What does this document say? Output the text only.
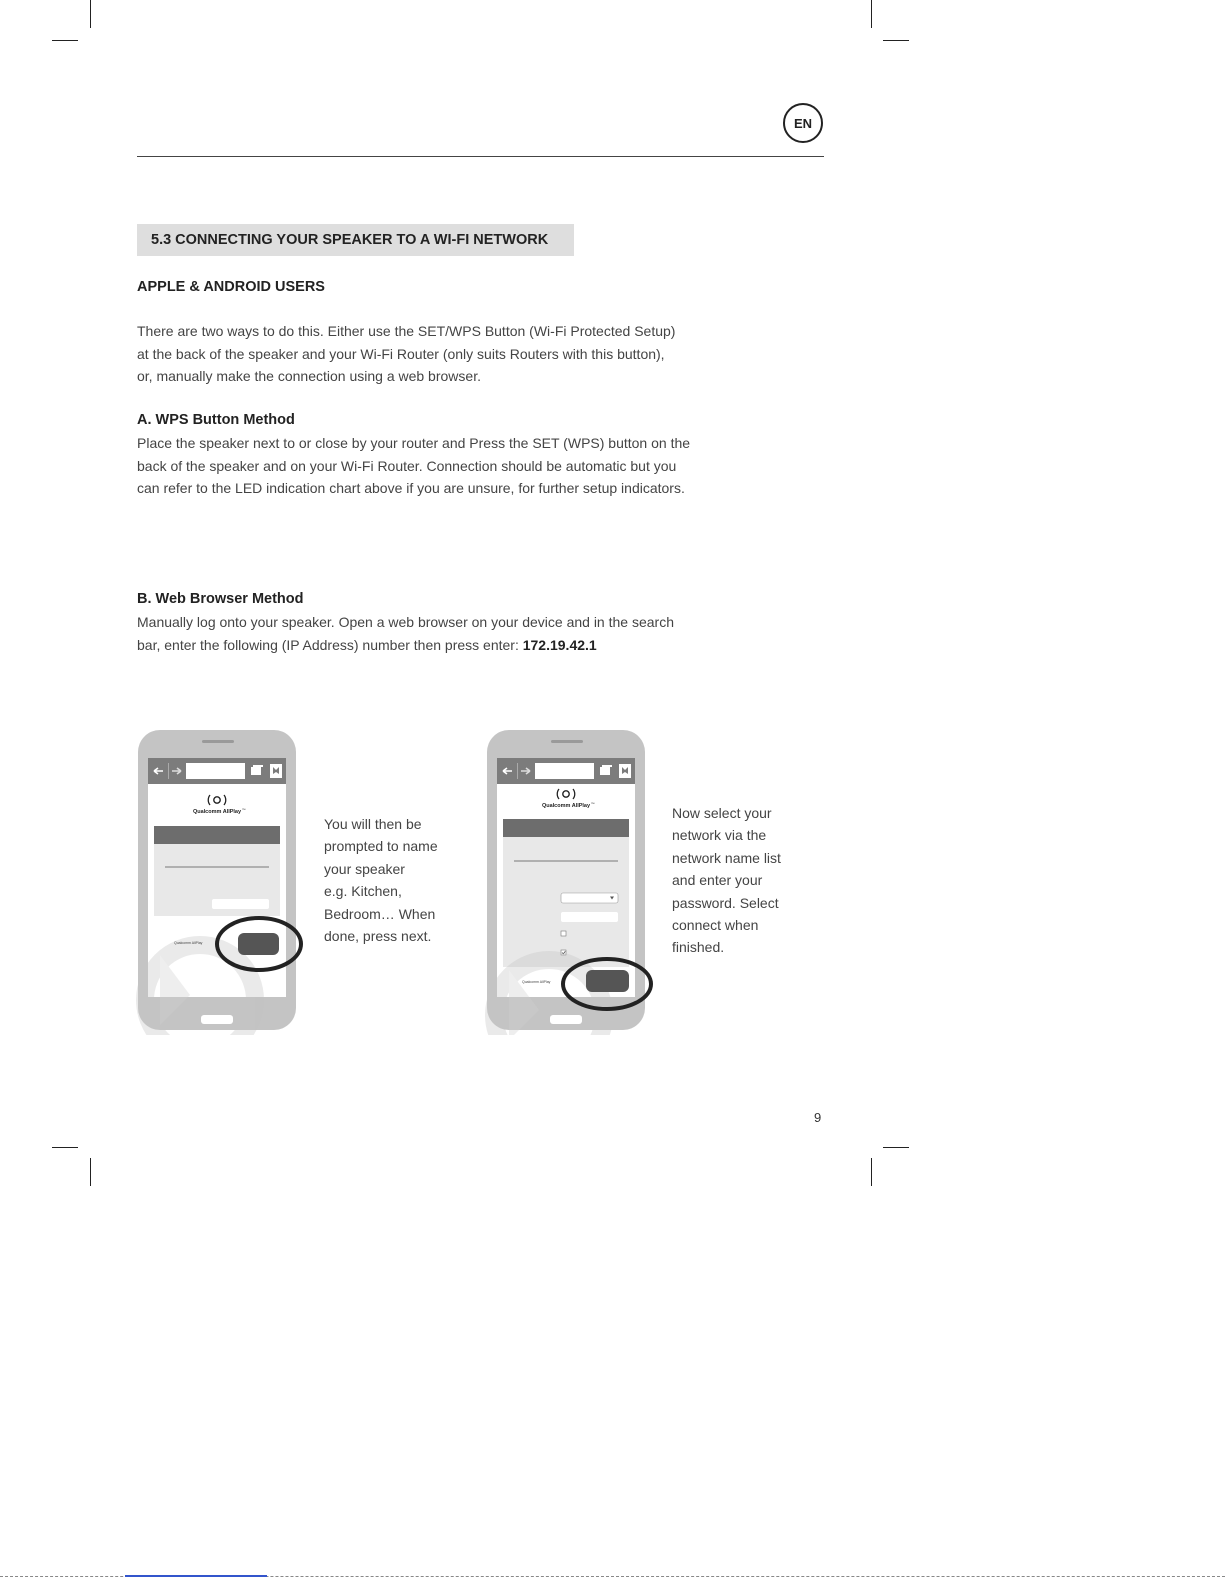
EN
5.3 CONNECTING YOUR SPEAKER TO A WI-FI NETWORK
APPLE & ANDROID USERS
There are two ways to do this. Either use the SET/WPS Button (Wi-Fi Protected Setup)
at the back of the speaker and your Wi-Fi Router (only suits Routers with this button),
or, manually make the connection using a web browser.
A. WPS Button Method
Place the speaker next to or close by your router and Press the SET (WPS) button on the
back of the speaker and on your Wi-Fi Router. Connection should be automatic but you
can refer to the LED indication chart above if you are unsure, for further setup indicators.
B. Web Browser Method
Manually log onto your speaker. Open a web browser on your device and in the search
bar, enter the following (IP Address) number then press enter: 172.19.42.1
Qualcomm AllPlay ™
Qualcomm AllPlay
You will then be
prompted to name
your speaker
e.g. Kitchen,
Bedroom… When
done, press next.
Qualcomm AllPlay ™
Qualcomm AllPlay
Now select your
network via the
network name list
and enter your
password. Select
connect when
finished.
9
